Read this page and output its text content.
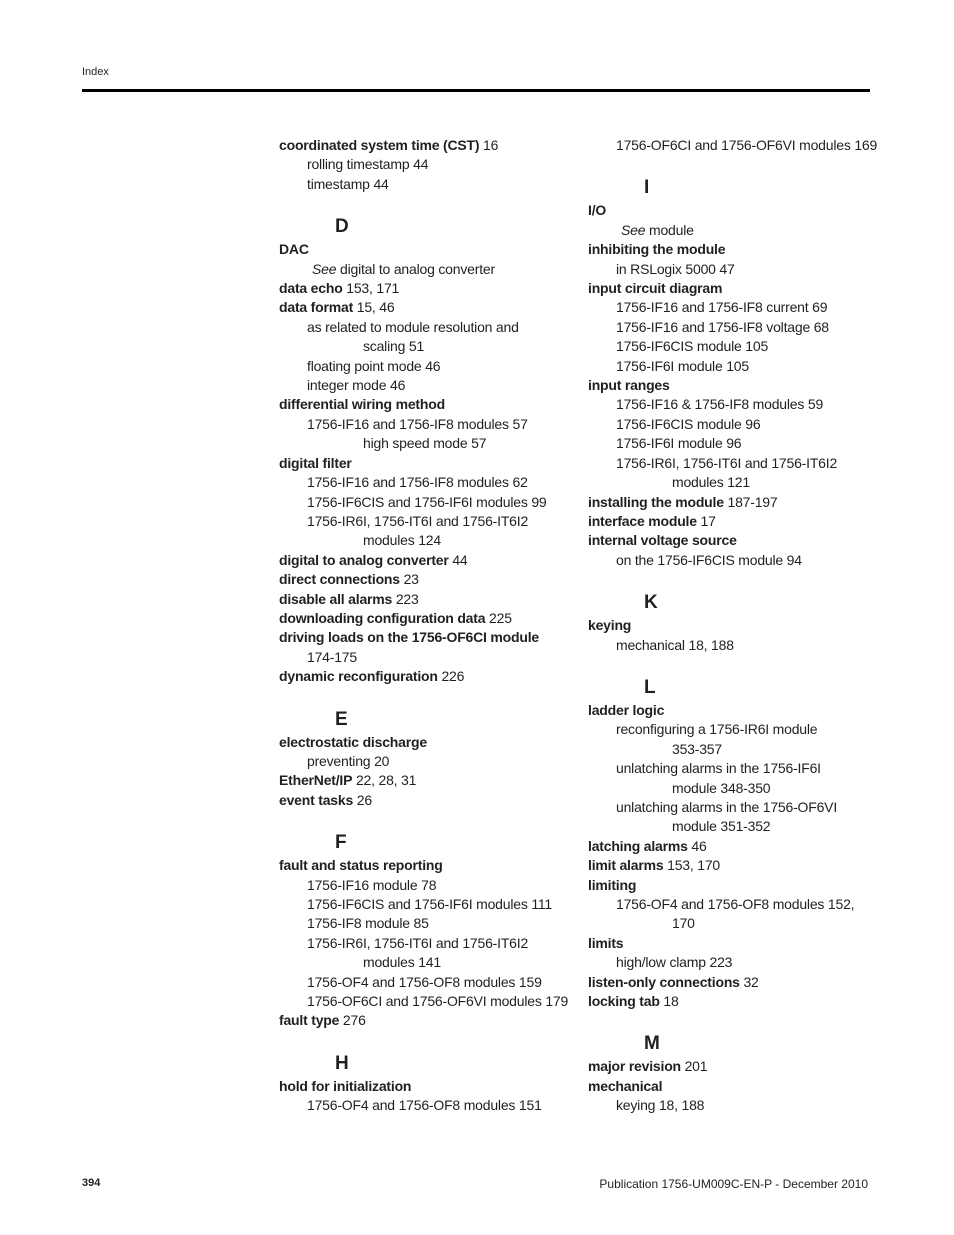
Index
coordinated system time (CST) 16
rolling timestamp 44
timestamp 44
D
DAC
See digital to analog converter
data echo 153, 171
data format 15, 46
as related to module resolution and
scaling 51
floating point mode 46
integer mode 46
differential wiring method
1756-IF16 and 1756-IF8 modules 57
high speed mode 57
digital filter
1756-IF16 and 1756-IF8 modules 62
1756-IF6CIS and 1756-IF6I modules 99
1756-IR6I, 1756-IT6I and 1756-IT6I2
modules 124
digital to analog converter 44
direct connections 23
disable all alarms 223
downloading configuration data 225
driving loads on the 1756-OF6CI module
174-175
dynamic reconfiguration 226
E
electrostatic discharge
preventing 20
EtherNet/IP 22, 28, 31
event tasks 26
F
fault and status reporting
1756-IF16 module 78
1756-IF6CIS and 1756-IF6I modules 111
1756-IF8 module 85
1756-IR6I, 1756-IT6I and 1756-IT6I2
modules 141
1756-OF4 and 1756-OF8 modules 159
1756-OF6CI and 1756-OF6VI modules 179
fault type 276
H
hold for initialization
1756-OF4 and 1756-OF8 modules 151
1756-OF6CI and 1756-OF6VI modules 169
I
I/O
See module
inhibiting the module
in RSLogix 5000 47
input circuit diagram
1756-IF16 and 1756-IF8 current 69
1756-IF16 and 1756-IF8 voltage 68
1756-IF6CIS module 105
1756-IF6I module 105
input ranges
1756-IF16 & 1756-IF8 modules 59
1756-IF6CIS module 96
1756-IF6I module 96
1756-IR6I, 1756-IT6I and 1756-IT6I2
modules 121
installing the module 187-197
interface module 17
internal voltage source
on the 1756-IF6CIS module 94
K
keying
mechanical 18, 188
L
ladder logic
reconfiguring a 1756-IR6I module
353-357
unlatching alarms in the 1756-IF6I
module 348-350
unlatching alarms in the 1756-OF6VI
module 351-352
latching alarms 46
limit alarms 153, 170
limiting
1756-OF4 and 1756-OF8 modules 152,
170
limits
high/low clamp 223
listen-only connections 32
locking tab 18
M
major revision 201
mechanical
keying 18, 188
394	Publication 1756-UM009C-EN-P - December 2010
